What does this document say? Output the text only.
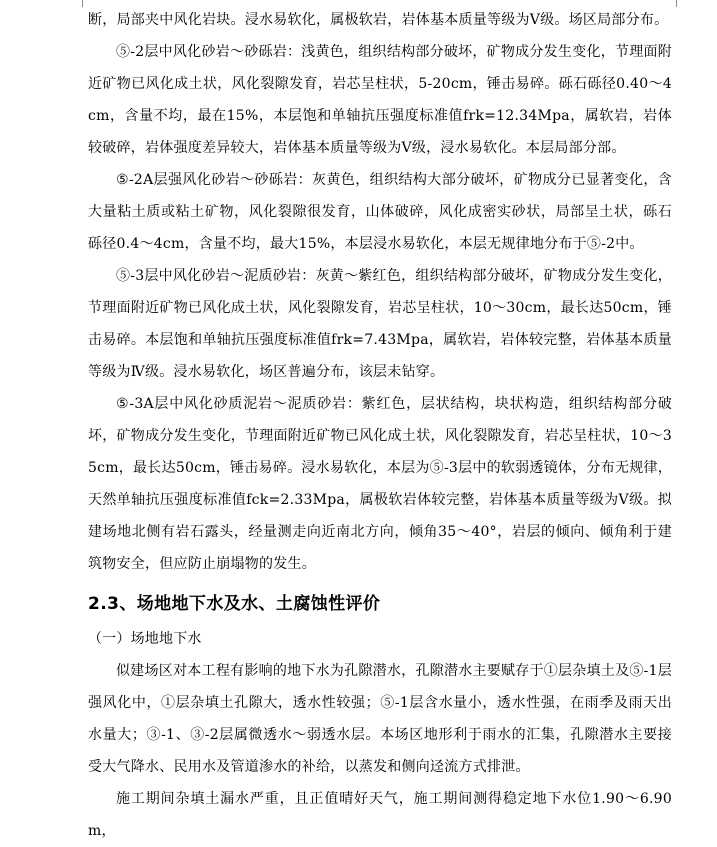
断，局部夹中风化岩块。浸水易软化，属极软岩，岩体基本质量等级为Ⅴ级。场区局部分布。

⑤-2层中风化砂岩～砂砾岩：浅黄色，组织结构部分破坏，矿物成分发生变化，节理面附近矿物已风化成土状，风化裂隙发育，岩芯呈柱状，5-20cm，锤击易碎。砾石砾径0.40～4cm，含量不均，最在15%，本层饱和单轴抗压强度标准值frk=12.34Mpa，属软岩，岩体较破碎，岩体强度差异较大，岩体基本质量等级为Ⅴ级，浸水易软化。本层局部分部。

⑤-2A层强风化砂岩～砂砾岩：灰黄色，组织结构大部分破坏，矿物成分已显著变化，含大量粘土质或粘土矿物，风化裂隙很发育，山体破碎，风化成密实砂状，局部呈土状，砾石砾径0.4～4cm，含量不均，最大15%，本层浸水易软化，本层无规律地分布于⑤-2中。

⑤-3层中风化砂岩～泥质砂岩：灰黄～紫红色，组织结构部分破坏，矿物成分发生变化，节理面附近矿物已风化成土状，风化裂隙发育，岩芯呈柱状，10～30cm，最长达50cm，锤击易碎。本层饱和单轴抗压强度标准值frk=7.43Mpa，属软岩，岩体较完整，岩体基本质量等级为Ⅳ级。浸水易软化，场区普遍分布，该层未钻穿。

⑤-3A层中风化砂质泥岩～泥质砂岩：紫红色，层状结构，块状构造，组织结构部分破坏，矿物成分发生变化，节理面附近矿物已风化成土状，风化裂隙发育，岩芯呈柱状，10～35cm，最长达50cm，锤击易碎。浸水易软化，本层为⑤-3层中的软弱透镜体，分布无规律，天然单轴抗压强度标准值fck=2.33Mpa，属极软岩体较完整，岩体基本质量等级为Ⅴ级。拟建场地北侧有岩石露头，经量测走向近南北方向，倾角35～40°，岩层的倾向、倾角利于建筑物安全，但应防止崩塌物的发生。

2.3、场地地下水及水、土腐蚀性评价

（一）场地地下水

似建场区对本工程有影响的地下水为孔隙潜水，孔隙潜水主要赋存于①层杂填土及⑤-1层强风化中，①层杂填土孔隙大，透水性较强；⑤-1层含水量小，透水性强，在雨季及雨天出水量大；③-1、③-2层属微透水～弱透水层。本场区地形利于雨水的汇集，孔隙潜水主要接受大气降水、民用水及管道渗水的补给，以蒸发和侧向迳流方式排泄。

施工期间杂填土漏水严重，且正值晴好天气，施工期间测得稳定地下水位1.90～6.90m，
